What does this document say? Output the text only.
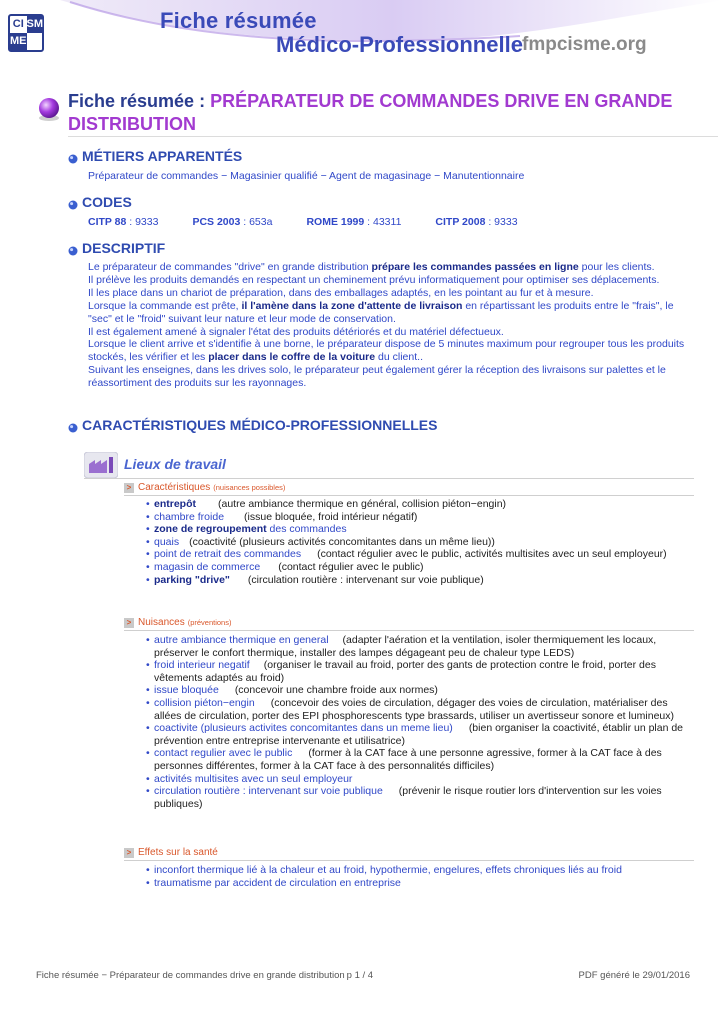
CI SM
ME
Fiche résumée
Médico-Professionnelle fmpcisme.org
Fiche résumée : PRÉPARATEUR DE COMMANDES DRIVE EN GRANDE DISTRIBUTION
MÉTIERS APPARENTÉS
Préparateur de commandes − Magasinier qualifié − Agent de magasinage − Manutentionnaire
CODES
CITP 88 : 9333	PCS 2003 : 653a	ROME 1999 : 43311	CITP 2008 : 9333
DESCRIPTIF
Le préparateur de commandes "drive" en grande distribution prépare les commandes passées en ligne pour les clients.
Il prélève les produits demandés en respectant un cheminement prévu informatiquement pour optimiser ses déplacements.
Il les place dans un chariot de préparation, dans des emballages adaptés, en les pointant au fur et à mesure.
Lorsque la commande est prête, il l'amène dans la zone d'attente de livraison en répartissant les produits entre le "frais", le "sec" et le "froid" suivant leur nature et leur mode de conservation.
Il est également amené à signaler l'état des produits détériorés et du matériel défectueux.
Lorsque le client arrive et s'identifie à une borne, le préparateur dispose de 5 minutes maximum pour regrouper tous les produits stockés, les vérifier et les placer dans le coffre de la voiture du client..
Suivant les enseignes, dans les drives solo, le préparateur peut également gérer la réception des livraisons sur palettes et le réassortiment des produits sur les rayonnages.
CARACTÉRISTIQUES MÉDICO-PROFESSIONNELLES
Lieux de travail
> Caractéristiques (nuisances possibles)
• entrepôt (autre ambiance thermique en général, collision piéton−engin)
• chambre froide (issue bloquée, froid intérieur négatif)
• zone de regroupement des commandes
• quais (coactivité (plusieurs activités concomitantes dans un même lieu))
• point de retrait des commandes (contact régulier avec le public, activités multisites avec un seul employeur)
• magasin de commerce (contact régulier avec le public)
• parking "drive" (circulation routière : intervenant sur voie publique)
> Nuisances (préventions)
• autre ambiance thermique en general (adapter l'aération et la ventilation, isoler thermiquement les locaux, préserver le confort thermique, installer des lampes dégageant peu de chaleur type LEDS)
• froid interieur negatif (organiser le travail au froid, porter des gants de protection contre le froid, porter des vêtements adaptés au froid)
• issue bloquée (concevoir une chambre froide aux normes)
• collision piéton−engin (concevoir des voies de circulation, dégager des voies de circulation, matérialiser des allées de circulation, porter des EPI phosphorescents type brassards, utiliser un avertisseur sonore et lumineux)
• coactivite (plusieurs activites concomitantes dans un meme lieu) (bien organiser la coactivité, établir un plan de prévention entre entreprise intervenante et utilisatrice)
• contact regulier avec le public (former à la CAT face à une personne agressive, former à la CAT face à des personnes différentes, former à la CAT face à des personnalités difficiles)
• activités multisites avec un seul employeur
• circulation routière : intervenant sur voie publique (prévenir le risque routier lors d'intervention sur les voies publiques)
> Effets sur la santé
• inconfort thermique lié à la chaleur et au froid, hypothermie, engelures, effets chroniques liés au froid
• traumatisme par accident de circulation en entreprise
Fiche résumée − Préparateur de commandes drive en grande distribution p 1 / 4	PDF généré le 29/01/2016
